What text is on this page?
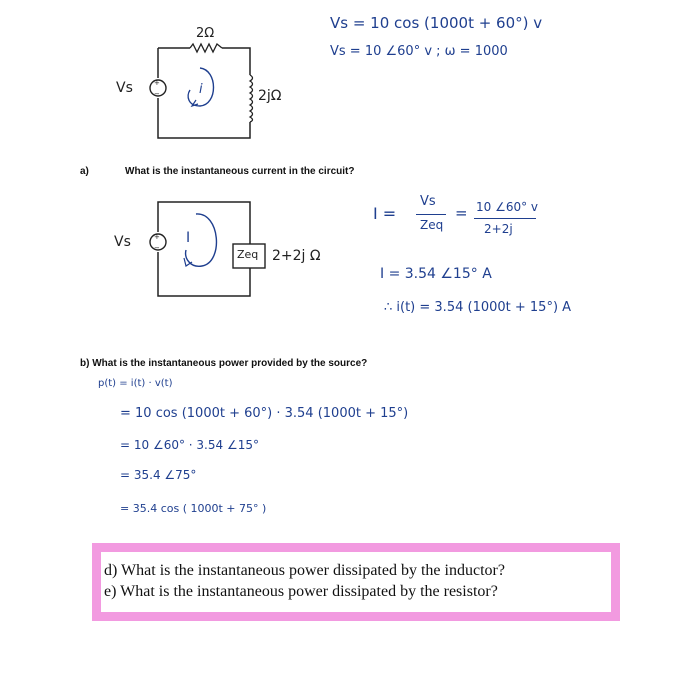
+
−
2Ω
2jΩ
Vs	i
Vs = 10 cos (1000t + 60°) v
Vs = 10 ∠60° v ; ω = 1000
a)	What is the instantaneous current in the circuit?
+
−
Vs	I
Zeq 2+2j Ω
I =
Vs
Zeq
= 10 ∠60° v
2+2j
I = 3.54 ∠15° A
∴ i(t) = 3.54 (1000t + 15°) A
b) What is the instantaneous power provided by the source?
p(t) = i(t) · v(t)
= 10 cos (1000t + 60°) · 3.54 (1000t + 15°)
= 10 ∠60° · 3.54 ∠15°
= 35.4 ∠75°
= 35.4 cos ( 1000t + 75° )
d) What is the instantaneous power dissipated by the inductor?
e) What is the instantaneous power dissipated by the resistor?
